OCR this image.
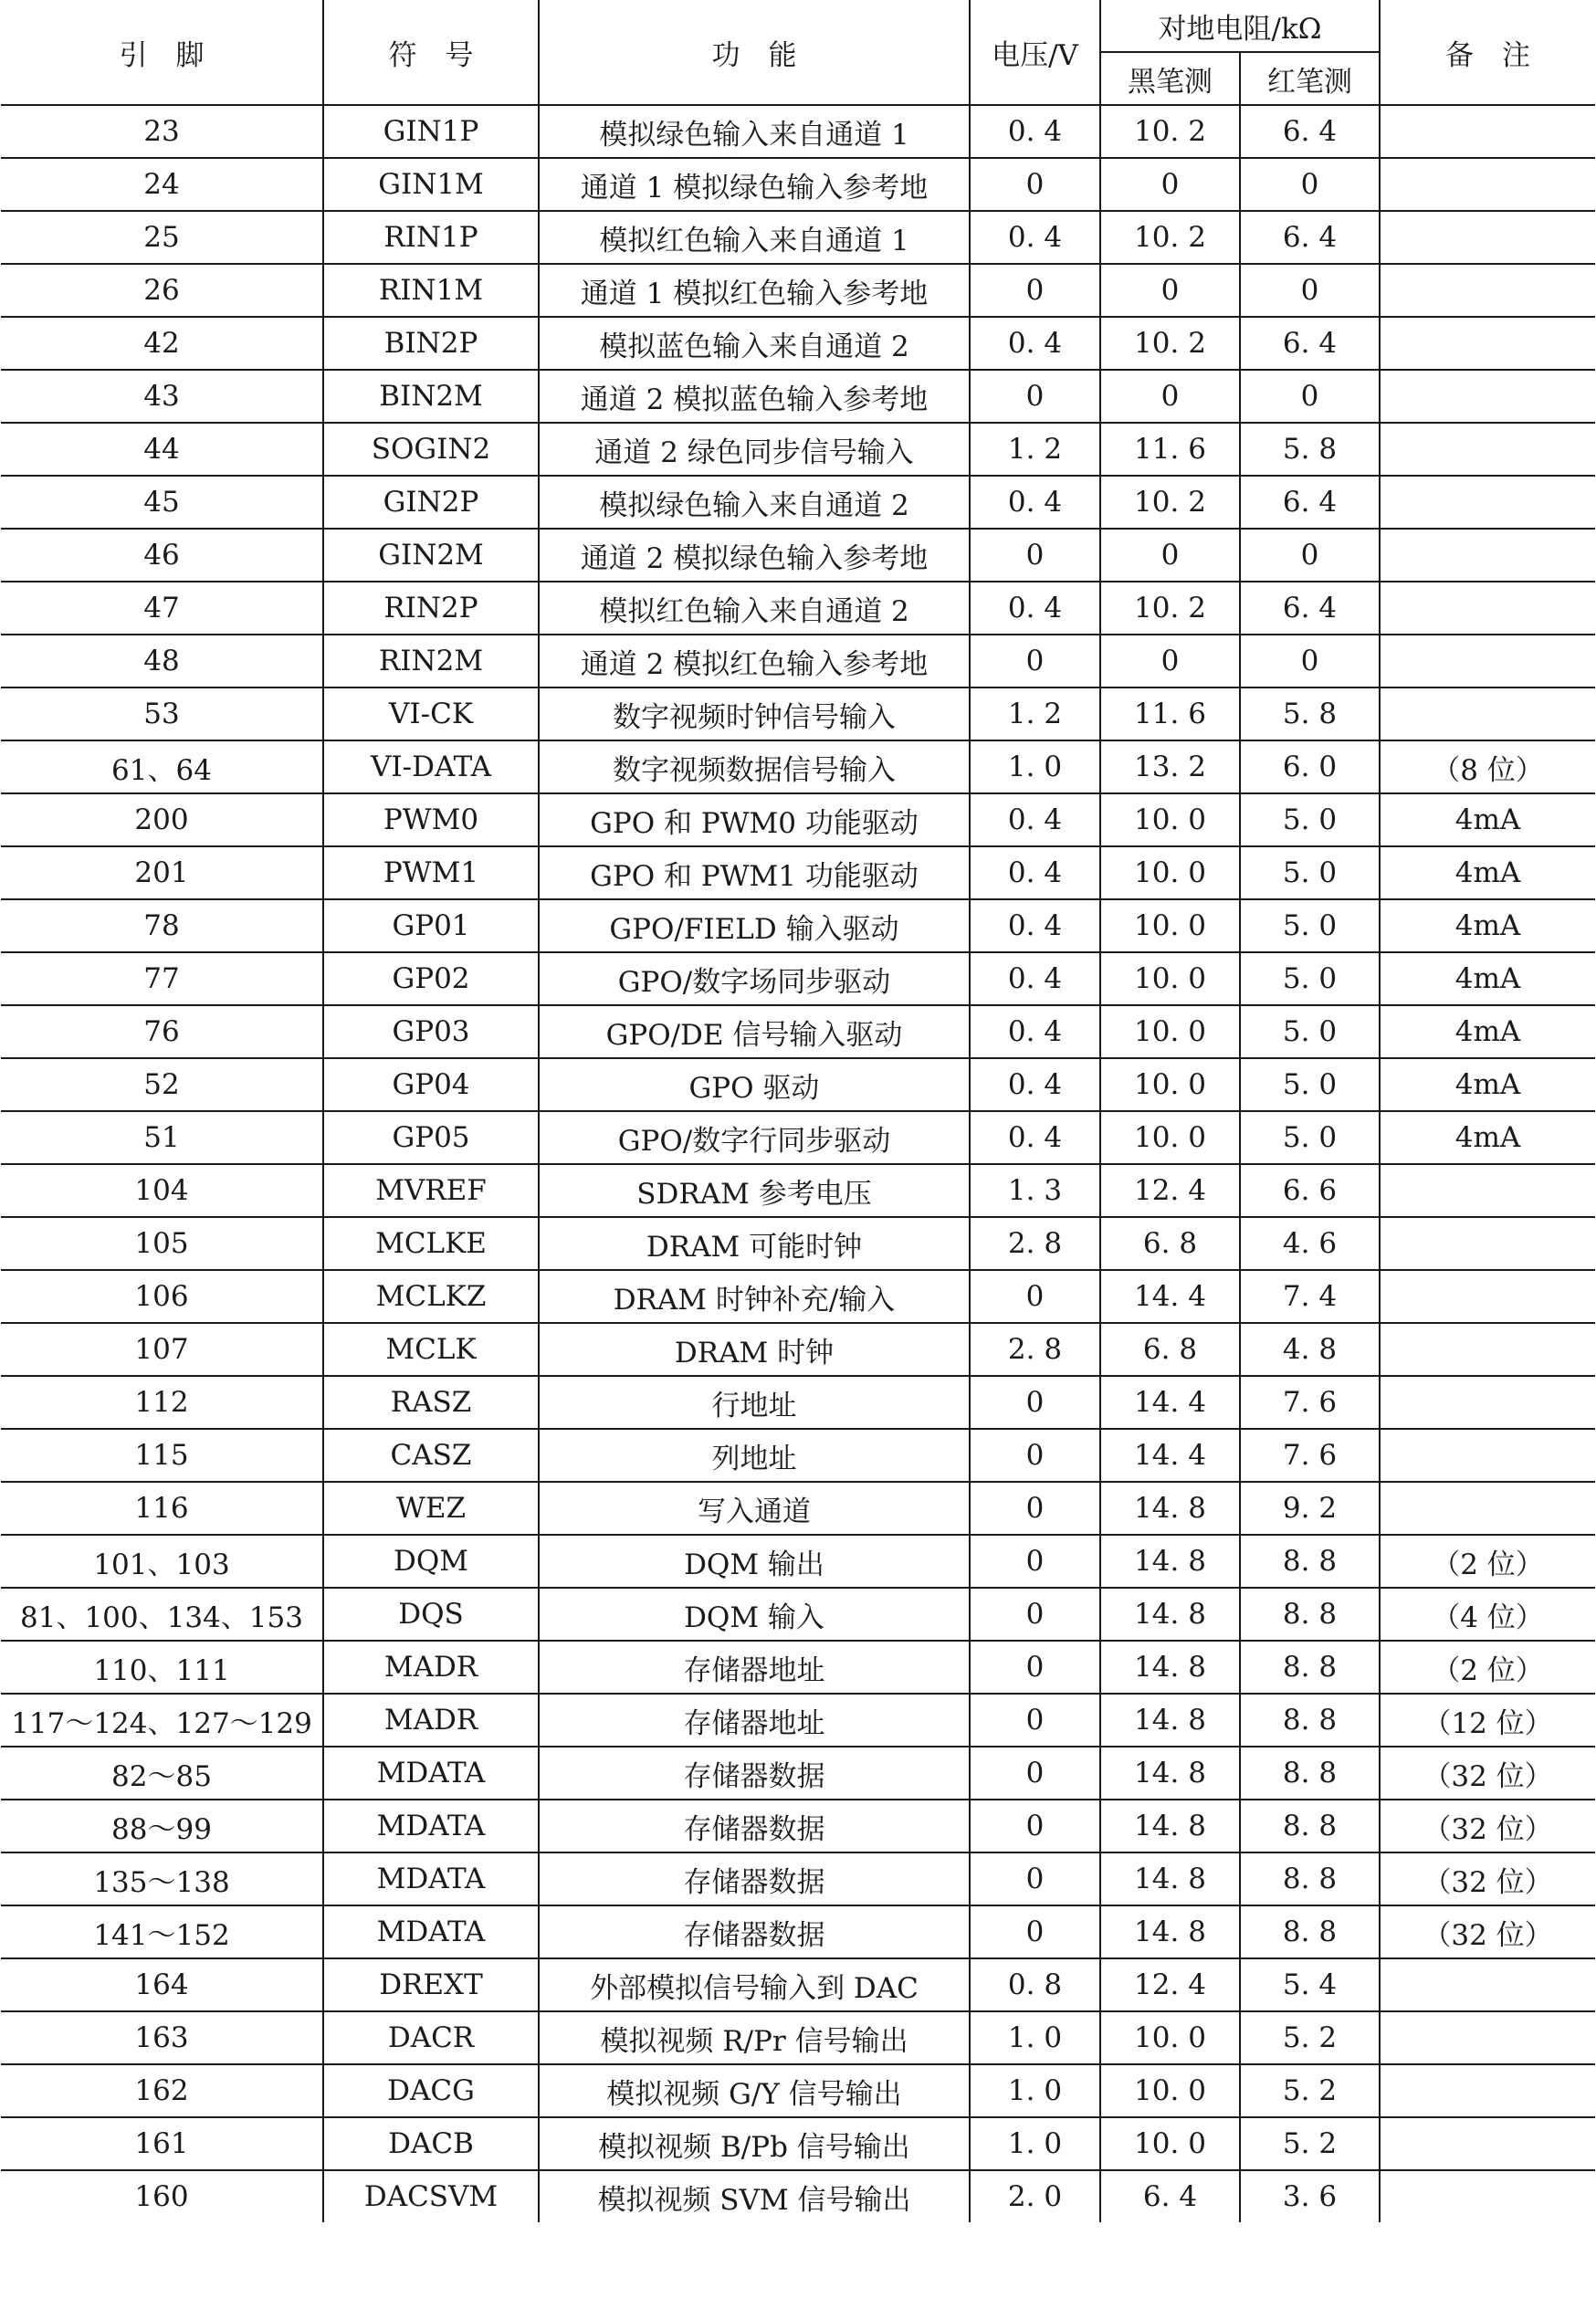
引　脚	符　号	功　能	电压/V	对地电阻/kΩ		备　注
				黑笔测	红笔测	
23	GIN1P	模拟绿色输入来自通道 1	0. 4	10. 2	6. 4	
24	GIN1M	通道 1 模拟绿色输入参考地	0	0	0	
25	RIN1P	模拟红色输入来自通道 1	0. 4	10. 2	6. 4	
26	RIN1M	通道 1 模拟红色输入参考地	0	0	0	
42	BIN2P	模拟蓝色输入来自通道 2	0. 4	10. 2	6. 4	
43	BIN2M	通道 2 模拟蓝色输入参考地	0	0	0	
44	SOGIN2	通道 2 绿色同步信号输入	1. 2	11. 6	5. 8	
45	GIN2P	模拟绿色输入来自通道 2	0. 4	10. 2	6. 4	
46	GIN2M	通道 2 模拟绿色输入参考地	0	0	0	
47	RIN2P	模拟红色输入来自通道 2	0. 4	10. 2	6. 4	
48	RIN2M	通道 2 模拟红色输入参考地	0	0	0	
53	VI-CK	数字视频时钟信号输入	1. 2	11. 6	5. 8	
61、64	VI-DATA	数字视频数据信号输入	1. 0	13. 2	6. 0	（8 位）
200	PWM0	GPO 和 PWM0 功能驱动	0. 4	10. 0	5. 0	4mA
201	PWM1	GPO 和 PWM1 功能驱动	0. 4	10. 0	5. 0	4mA
78	GP01	GPO/FIELD 输入驱动	0. 4	10. 0	5. 0	4mA
77	GP02	GPO/数字场同步驱动	0. 4	10. 0	5. 0	4mA
76	GP03	GPO/DE 信号输入驱动	0. 4	10. 0	5. 0	4mA
52	GP04	GPO 驱动	0. 4	10. 0	5. 0	4mA
51	GP05	GPO/数字行同步驱动	0. 4	10. 0	5. 0	4mA
104	MVREF	SDRAM 参考电压	1. 3	12. 4	6. 6	
105	MCLKE	DRAM 可能时钟	2. 8	6. 8	4. 6	
106	MCLKZ	DRAM 时钟补充/输入	0	14. 4	7. 4	
107	MCLK	DRAM 时钟	2. 8	6. 8	4. 8	
112	RASZ	行地址	0	14. 4	7. 6	
115	CASZ	列地址	0	14. 4	7. 6	
116	WEZ	写入通道	0	14. 8	9. 2	
101、103	DQM	DQM 输出	0	14. 8	8. 8	（2 位）
81、100、134、153	DQS	DQM 输入	0	14. 8	8. 8	（4 位）
110、111	MADR	存储器地址	0	14. 8	8. 8	（2 位）
117～124、127～129	MADR	存储器地址	0	14. 8	8. 8	（12 位）
82～85	MDATA	存储器数据	0	14. 8	8. 8	（32 位）
88～99	MDATA	存储器数据	0	14. 8	8. 8	（32 位）
135～138	MDATA	存储器数据	0	14. 8	8. 8	（32 位）
141～152	MDATA	存储器数据	0	14. 8	8. 8	（32 位）
164	DREXT	外部模拟信号输入到 DAC	0. 8	12. 4	5. 4	
163	DACR	模拟视频 R/Pr 信号输出	1. 0	10. 0	5. 2	
162	DACG	模拟视频 G/Y 信号输出	1. 0	10. 0	5. 2	
161	DACB	模拟视频 B/Pb 信号输出	1. 0	10. 0	5. 2	
160	DACSVM	模拟视频 SVM 信号输出	2. 0	6. 4	3. 6	
